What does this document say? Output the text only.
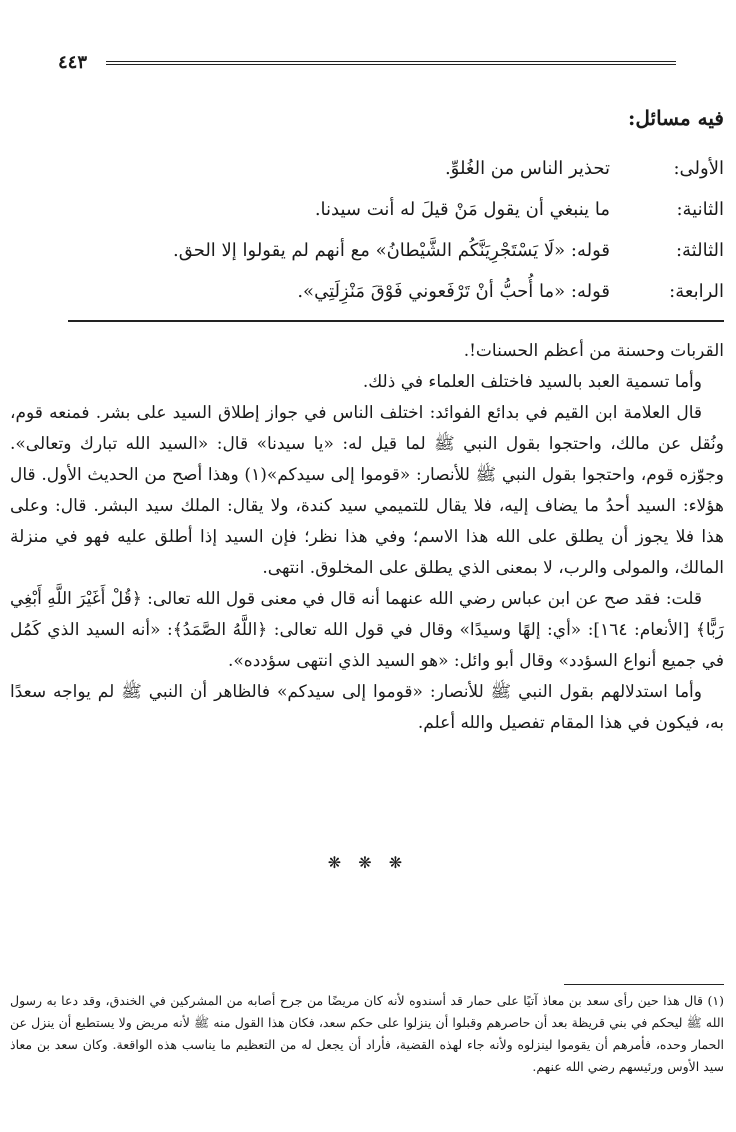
٤٤٣
فيه مسائل:
الأولى:
تحذير الناس من الغُلوِّ.
الثانية:
ما ينبغي أن يقول مَنْ قيلَ له أنت سيدنا.
الثالثة:
قوله: «لَا يَسْتَجْرِيَنَّكُم الشَّيْطانُ» مع أنهم لم يقولوا إلا الحق.
الرابعة:
قوله: «ما أُحبُّ أنْ تَرْفَعوني فَوْقَ مَنْزِلَتِي».

القربات وحسنة من أعظم الحسنات!.

وأما تسمية العبد بالسيد فاختلف العلماء في ذلك.

قال العلامة ابن القيم في بدائع الفوائد: اختلف الناس في جواز إطلاق السيد على بشر. فمنعه قوم، ونُقل عن مالك، واحتجوا بقول النبي ﷺ لما قيل له: «يا سيدنا» قال: «السيد الله تبارك وتعالى». وجوّزه قوم، واحتجوا بقول النبي ﷺ للأنصار: «قوموا إلى سيدكم»(١) وهذا أصح من الحديث الأول. قال هؤلاء: السيد أحدُ ما يضاف إليه، فلا يقال للتميمي سيد كندة، ولا يقال: الملك سيد البشر. قال: وعلى هذا فلا يجوز أن يطلق على الله هذا الاسم؛ وفي هذا نظر؛ فإن السيد إذا أطلق عليه فهو في منزلة المالك، والمولى والرب، لا بمعنى الذي يطلق على المخلوق. انتهى.

قلت: فقد صح عن ابن عباس رضي الله عنهما أنه قال في معنى قول الله تعالى: ﴿قُلْ أَغَيْرَ اللَّهِ أَبْغِي رَبًّا﴾ [الأنعام: ١٦٤]: «أي: إلهًا وسيدًا» وقال في قول الله تعالى: ﴿اللَّهُ الصَّمَدُ﴾: «أنه السيد الذي كَمُل في جميع أنواع السؤدد» وقال أبو وائل: «هو السيد الذي انتهى سؤدده».

وأما استدلالهم بقول النبي ﷺ للأنصار: «قوموا إلى سيدكم» فالظاهر أن النبي ﷺ لم يواجه سعدًا به، فيكون في هذا المقام تفصيل والله أعلم.

❋ ❋ ❋

(١) قال هذا حين رأى سعد بن معاذ آتيًا على حمار قد أسندوه لأنه كان مريضًا من جرح أصابه من المشركين في الخندق، وقد دعا به رسول الله ﷺ ليحكم في بني قريظة بعد أن حاصرهم وقبلوا أن ينزلوا على حكم سعد، فكان هذا القول منه ﷺ لأنه مريض ولا يستطيع أن ينزل عن الحمار وحده، فأمرهم أن يقوموا لينزلوه ولأنه جاء لهذه القضية، فأراد أن يجعل له من التعظيم ما يناسب هذه الواقعة. وكان سعد بن معاذ سيد الأوس ورئيسهم رضي الله عنهم.
